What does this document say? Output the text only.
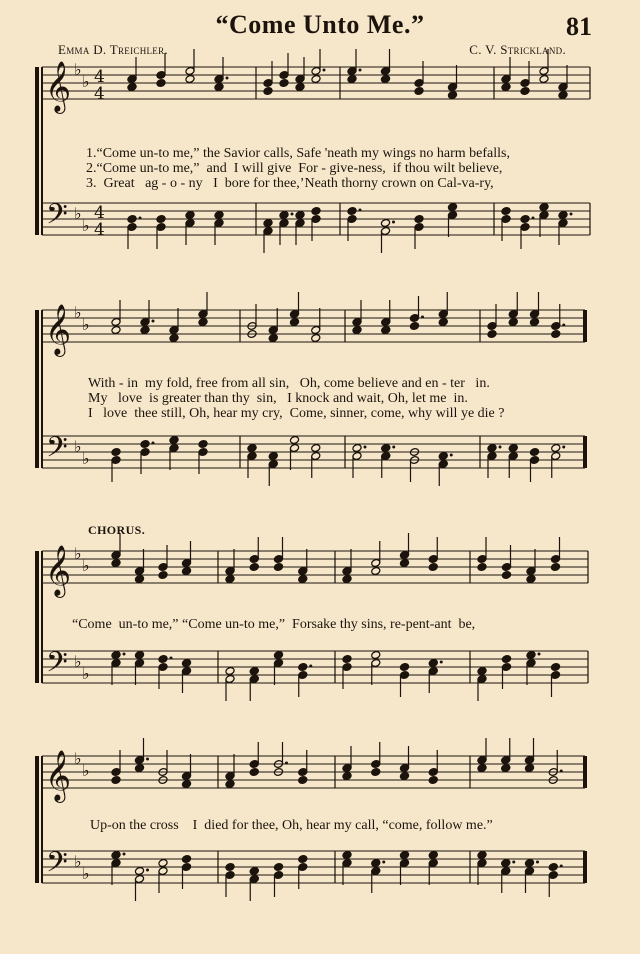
“Come Unto Me.”	81
Emma D. Treichler.	C. V. Strickland.
𝄞 ♭
♭ 4
4
𝄢 ♭
♭
4
4
𝄞 ♭
♭
𝄢 ♭
♭
𝄞 ♭
♭
𝄢 ♭
♭
𝄞 ♭
♭
𝄢 ♭
♭
CHORUS.
1.“Come un-to me,” the Savior calls, Safe 'neath my wings no harm befalls,
2.“Come un-to me,”  and  I will give  For - give-ness,  if thou wilt believe,
3.  Great   ag - o - ny   I  bore for thee,’Neath thorny crown on Cal-va-ry,
With - in  my fold, free from all sin,   Oh, come believe and en - ter   in.
My   love  is greater than thy  sin,   I knock and wait, Oh, let me  in.
I   love  thee still, Oh, hear my cry,  Come, sinner, come, why will ye die ?
“Come  un-to me,” “Come un-to me,”  Forsake thy sins, re-pent-ant  be,
Up-on the cross    I  died for thee, Oh, hear my call, “come, follow me.”
